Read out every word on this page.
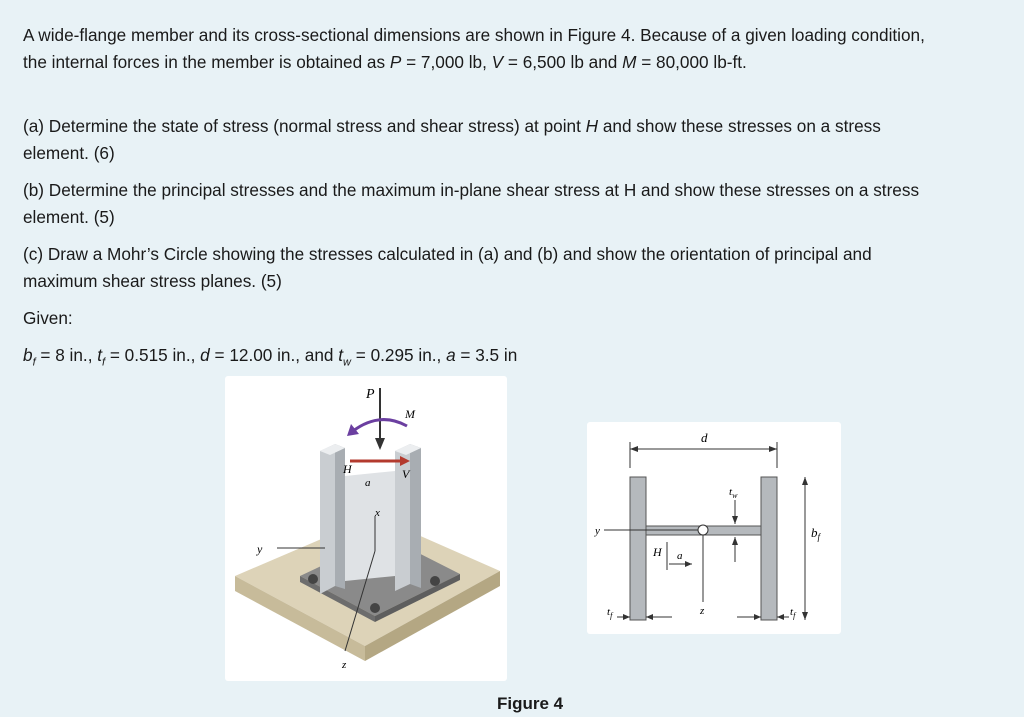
A wide-flange member and its cross-sectional dimensions are shown in Figure 4. Because of a given loading condition,

the internal forces in the member is obtained as P = 7,000 lb, V = 6,500 lb and M = 80,000 lb-ft.

(a) Determine the state of stress (normal stress and shear stress) at point H and show these stresses on a stress
element. (6)

(b) Determine the principal stresses and the maximum in-plane shear stress at H and show these stresses on a stress
element. (5)

(c) Draw a Mohr’s Circle showing the stresses calculated in (a) and (b) and show the orientation of principal and
maximum shear stress planes. (5)

Given:

$b_f = 8$ in., $t_f = 0.515$ in., d = 12.00 in., and $t_w = 0.295$ in., a = 3.5 in

P
M
H
a
V
x
y
z
d
$b_f$
$t_w$
y
z
H a
$t_f$	$t_f$
Figure 4
